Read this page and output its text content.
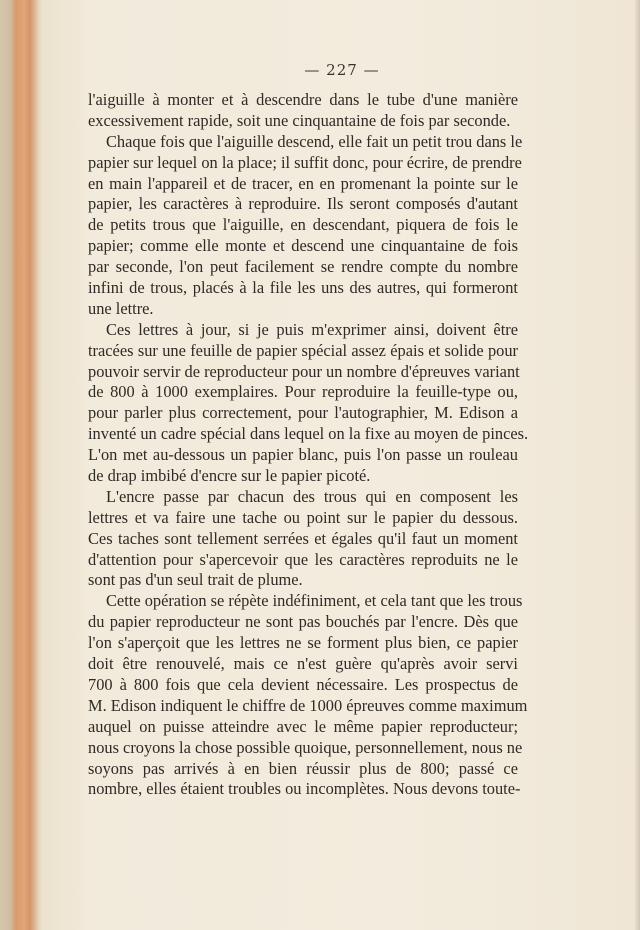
— 227 —
l'aiguille à monter et à descendre dans le tube d'une manière
excessivement rapide, soit une cinquantaine de fois par seconde.
Chaque fois que l'aiguille descend, elle fait un petit trou dans le
papier sur lequel on la place; il suffit donc, pour écrire, de prendre
en main l'appareil et de tracer, en en promenant la pointe sur le
papier, les caractères à reproduire. Ils seront composés d'autant
de petits trous que l'aiguille, en descendant, piquera de fois le
papier; comme elle monte et descend une cinquantaine de fois
par seconde, l'on peut facilement se rendre compte du nombre
infini de trous, placés à la file les uns des autres, qui formeront
une lettre.
Ces lettres à jour, si je puis m'exprimer ainsi, doivent être
tracées sur une feuille de papier spécial assez épais et solide pour
pouvoir servir de reproducteur pour un nombre d'épreuves variant
de 800 à 1000 exemplaires. Pour reproduire la feuille-type ou,
pour parler plus correctement, pour l'autographier, M. Edison a
inventé un cadre spécial dans lequel on la fixe au moyen de pinces.
L'on met au-dessous un papier blanc, puis l'on passe un rouleau
de drap imbibé d'encre sur le papier picoté.
L'encre passe par chacun des trous qui en composent les
lettres et va faire une tache ou point sur le papier du dessous.
Ces taches sont tellement serrées et égales qu'il faut un moment
d'attention pour s'apercevoir que les caractères reproduits ne le
sont pas d'un seul trait de plume.
Cette opération se répète indéfiniment, et cela tant que les trous
du papier reproducteur ne sont pas bouchés par l'encre. Dès que
l'on s'aperçoit que les lettres ne se forment plus bien, ce papier
doit être renouvelé, mais ce n'est guère qu'après avoir servi
700 à 800 fois que cela devient nécessaire. Les prospectus de
M. Edison indiquent le chiffre de 1000 épreuves comme maximum
auquel on puisse atteindre avec le même papier reproducteur;
nous croyons la chose possible quoique, personnellement, nous ne
soyons pas arrivés à en bien réussir plus de 800; passé ce
nombre, elles étaient troubles ou incomplètes. Nous devons toute-
